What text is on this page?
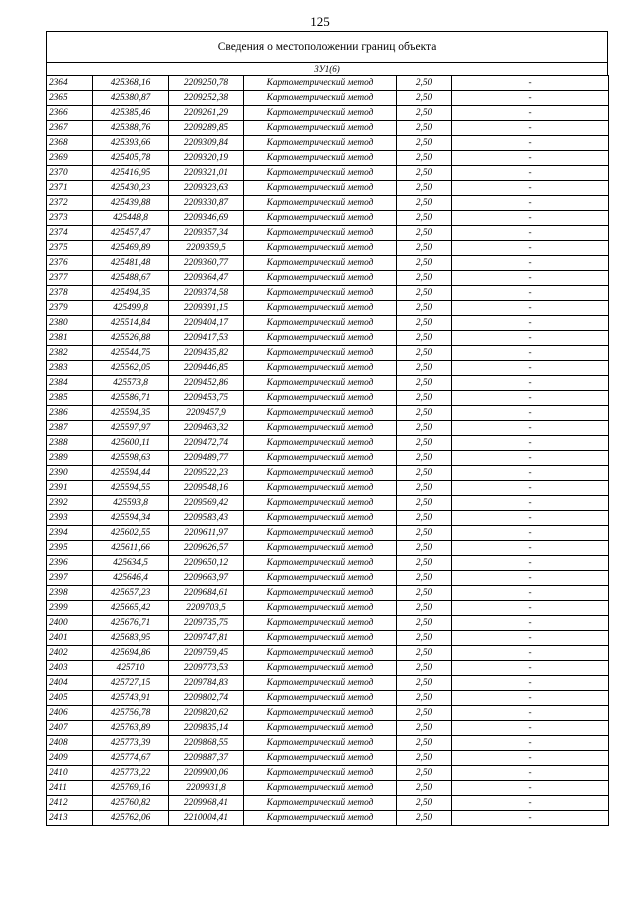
125
Сведения о местоположении границ объекта
3У1(6)
2364	425368,16	2209250,78	Картометрический метод	2,50	-
2365	425380,87	2209252,38	Картометрический метод	2,50	-
2366	425385,46	2209261,29	Картометрический метод	2,50	-
2367	425388,76	2209289,85	Картометрический метод	2,50	-
2368	425393,66	2209309,84	Картометрический метод	2,50	-
2369	425405,78	2209320,19	Картометрический метод	2,50	-
2370	425416,95	2209321,01	Картометрический метод	2,50	-
2371	425430,23	2209323,63	Картометрический метод	2,50	-
2372	425439,88	2209330,87	Картометрический метод	2,50	-
2373	425448,8	2209346,69	Картометрический метод	2,50	-
2374	425457,47	2209357,34	Картометрический метод	2,50	-
2375	425469,89	2209359,5	Картометрический метод	2,50	-
2376	425481,48	2209360,77	Картометрический метод	2,50	-
2377	425488,67	2209364,47	Картометрический метод	2,50	-
2378	425494,35	2209374,58	Картометрический метод	2,50	-
2379	425499,8	2209391,15	Картометрический метод	2,50	-
2380	425514,84	2209404,17	Картометрический метод	2,50	-
2381	425526,88	2209417,53	Картометрический метод	2,50	-
2382	425544,75	2209435,82	Картометрический метод	2,50	-
2383	425562,05	2209446,85	Картометрический метод	2,50	-
2384	425573,8	2209452,86	Картометрический метод	2,50	-
2385	425586,71	2209453,75	Картометрический метод	2,50	-
2386	425594,35	2209457,9	Картометрический метод	2,50	-
2387	425597,97	2209463,32	Картометрический метод	2,50	-
2388	425600,11	2209472,74	Картометрический метод	2,50	-
2389	425598,63	2209489,77	Картометрический метод	2,50	-
2390	425594,44	2209522,23	Картометрический метод	2,50	-
2391	425594,55	2209548,16	Картометрический метод	2,50	-
2392	425593,8	2209569,42	Картометрический метод	2,50	-
2393	425594,34	2209583,43	Картометрический метод	2,50	-
2394	425602,55	2209611,97	Картометрический метод	2,50	-
2395	425611,66	2209626,57	Картометрический метод	2,50	-
2396	425634,5	2209650,12	Картометрический метод	2,50	-
2397	425646,4	2209663,97	Картометрический метод	2,50	-
2398	425657,23	2209684,61	Картометрический метод	2,50	-
2399	425665,42	2209703,5	Картометрический метод	2,50	-
2400	425676,71	2209735,75	Картометрический метод	2,50	-
2401	425683,95	2209747,81	Картометрический метод	2,50	-
2402	425694,86	2209759,45	Картометрический метод	2,50	-
2403	425710	2209773,53	Картометрический метод	2,50	-
2404	425727,15	2209784,83	Картометрический метод	2,50	-
2405	425743,91	2209802,74	Картометрический метод	2,50	-
2406	425756,78	2209820,62	Картометрический метод	2,50	-
2407	425763,89	2209835,14	Картометрический метод	2,50	-
2408	425773,39	2209868,55	Картометрический метод	2,50	-
2409	425774,67	2209887,37	Картометрический метод	2,50	-
2410	425773,22	2209900,06	Картометрический метод	2,50	-
2411	425769,16	2209931,8	Картометрический метод	2,50	-
2412	425760,82	2209968,41	Картометрический метод	2,50	-
2413	425762,06	2210004,41	Картометрический метод	2,50	-
